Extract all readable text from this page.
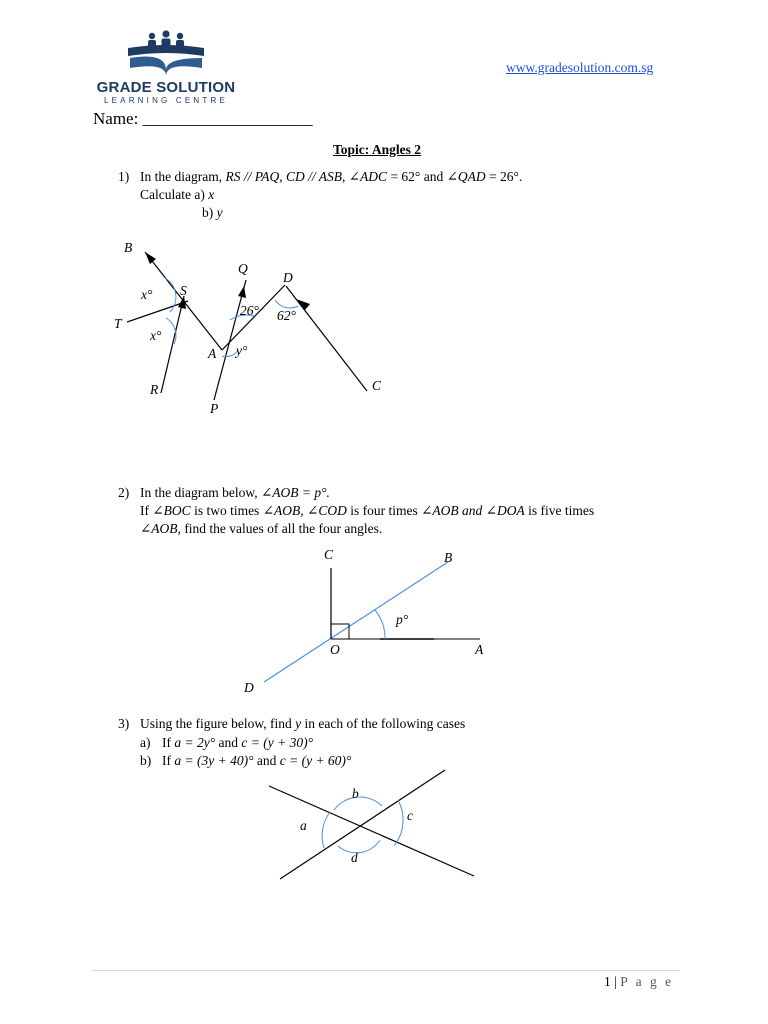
GRADE SOLUTION
LEARNING CENTRE
www.gradesolution.com.sg
Name: ____________________
Topic: Angles 2
1) In the diagram, RS // PAQ, CD // ASB, ∠ADC = 62° and ∠QAD = 26°.
Calculate a) x
b) y
B
Q
D
S
T
A
R
P
C
x°
x°
26° 62°
y°
2) In the diagram below, ∠AOB = p°.
If ∠BOC is two times ∠AOB, ∠COD is four times ∠AOB and ∠DOA is five times
∠AOB, find the values of all the four angles.
C	B
p°
O	A
D
3) Using the figure below, find y in each of the following cases
a) If a = 2y° and c = (y + 30)°
b) If a = (3y + 40)° and c = (y + 60)°
a
b
c
d
1 | P a g e
